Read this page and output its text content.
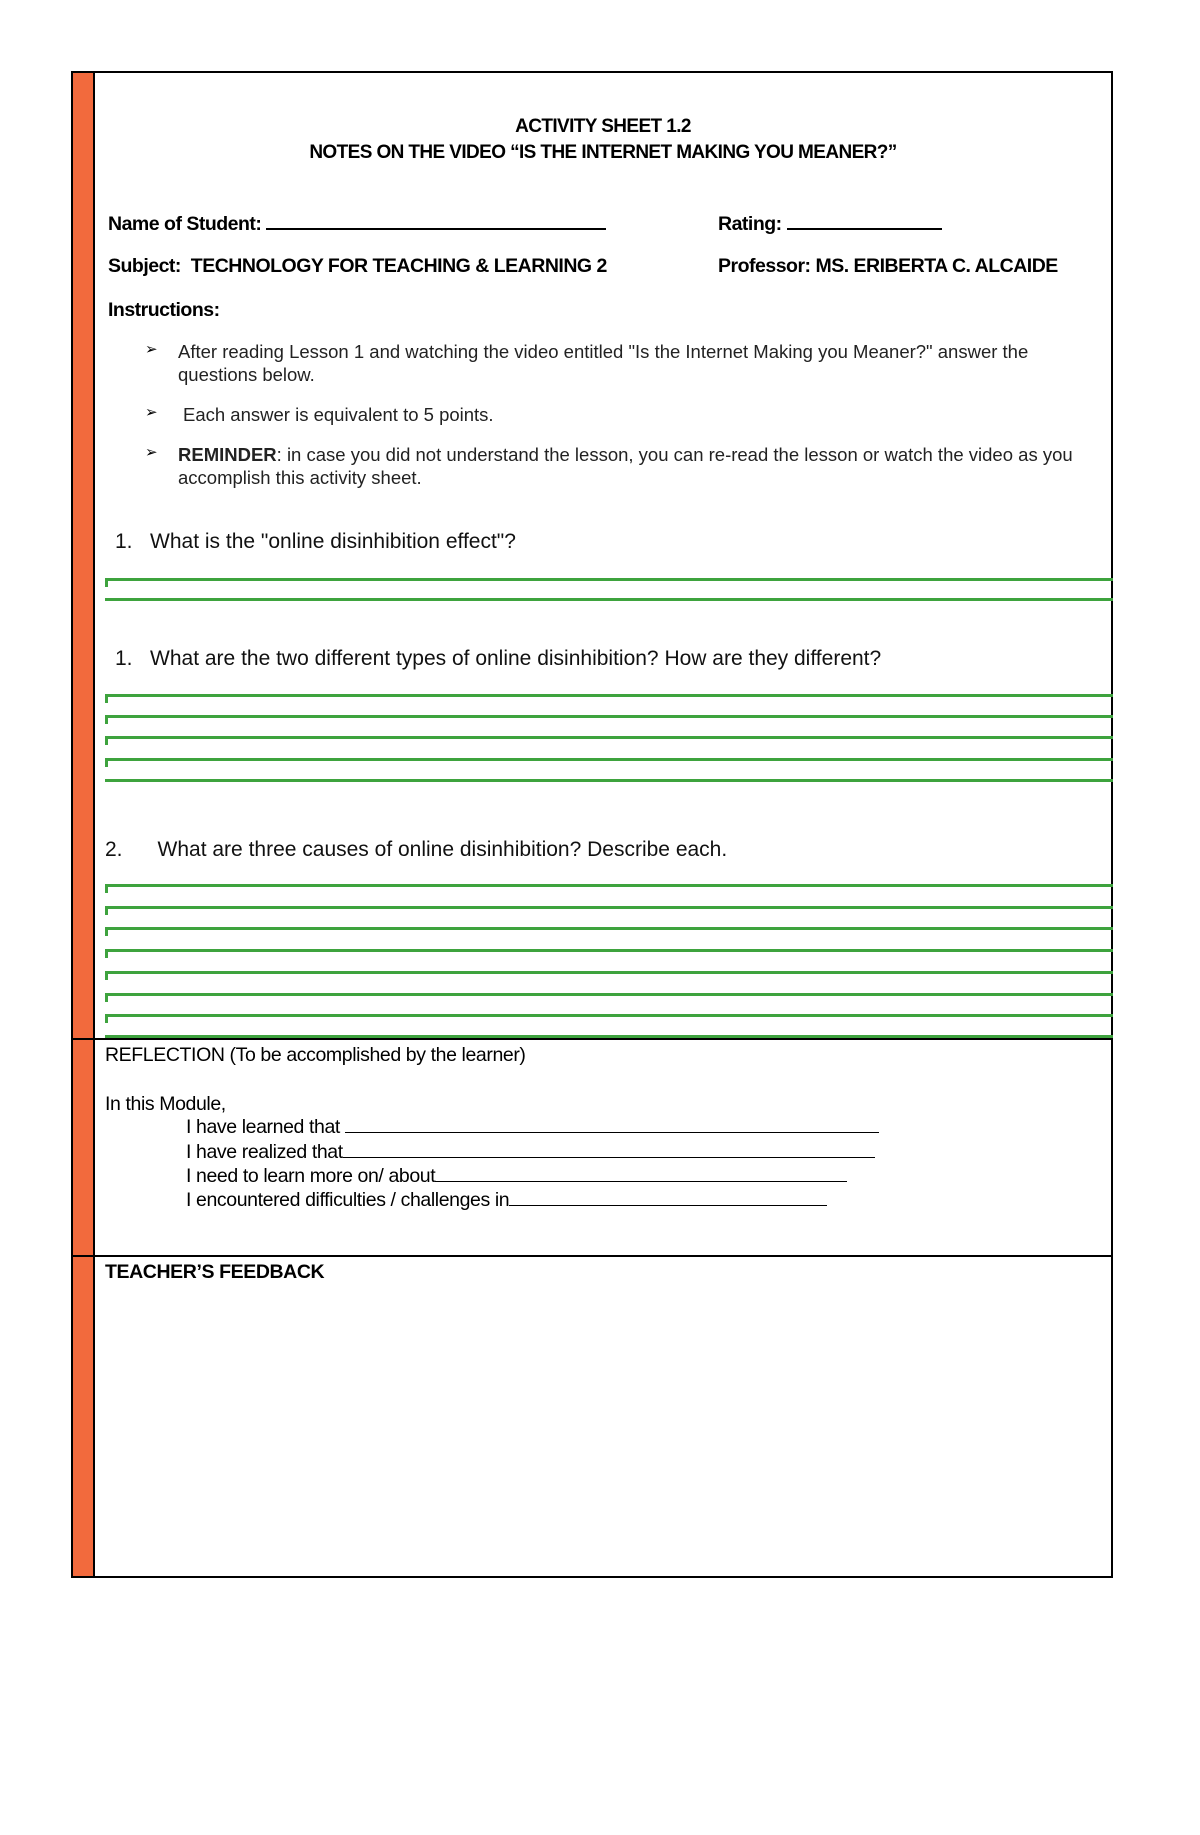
ACTIVITY SHEET 1.2
NOTES ON THE VIDEO “IS THE INTERNET MAKING YOU MEANER?”
Name of Student:	Rating:
Subject: TECHNOLOGY FOR TEACHING & LEARNING 2	Professor: MS. ERIBERTA C. ALCAIDE
Instructions:
➢ After reading Lesson 1 and watching the video entitled "Is the Internet Making you Meaner?" answer the questions below.
➢ Each answer is equivalent to 5 points.
➢ REMINDER: in case you did not understand the lesson, you can re-read the lesson or watch the video as you accomplish this activity sheet.
1. What is the "online disinhibition effect"?
1. What are the two different types of online disinhibition? How are they different?
2. What are three causes of online disinhibition? Describe each.
REFLECTION (To be accomplished by the learner)
In this Module,
I have learned that
I have realized that
I need to learn more on/ about
I encountered difficulties / challenges in
TEACHER’S FEEDBACK
